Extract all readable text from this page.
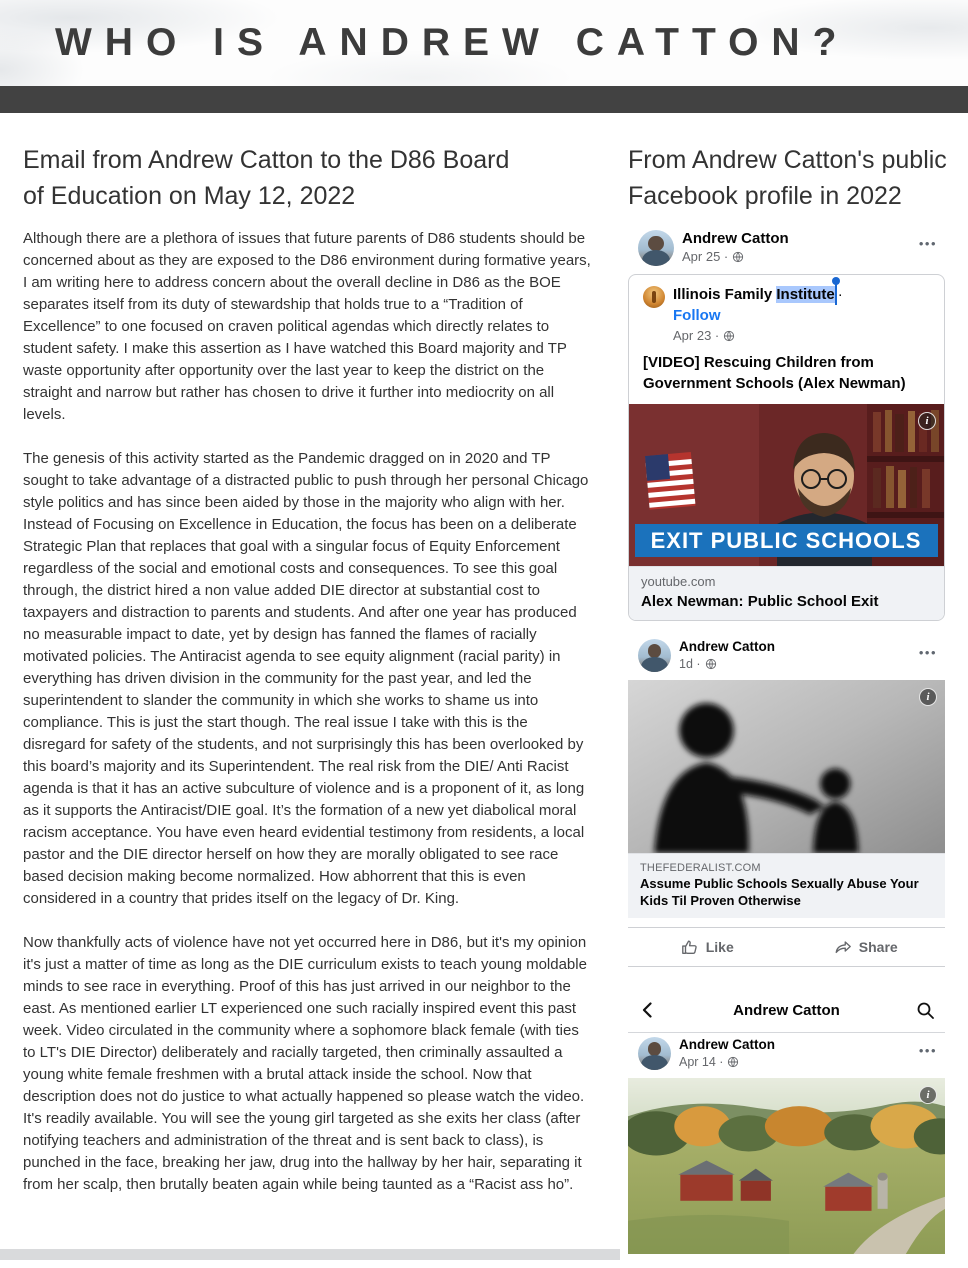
WHO IS ANDREW CATTON?
Email from Andrew Catton to the D86 Board of Education on May 12, 2022

Although there are a plethora of issues that future parents of D86 students should be concerned about as they are exposed to the D86 environment during formative years, I am writing here to address concern about the overall decline in D86 as the BOE separates itself from its duty of stewardship that holds true to a “Tradition of Excellence” to one focused on craven political agendas which directly relates to student safety. I make this assertion as I have watched this Board majority and TP waste opportunity after opportunity over the last year to keep the district on the straight and narrow but rather has chosen to drive it further into mediocrity on all levels.

The genesis of this activity started as the Pandemic dragged on in 2020 and TP sought to take advantage of a distracted public to push through her personal Chicago style politics and has since been aided by those in the majority who align with her. Instead of Focusing on Excellence in Education, the focus has been on a deliberate Strategic Plan that replaces that goal with a singular focus of Equity Enforcement regardless of the social and emotional costs and consequences. To see this goal through, the district hired a non value added DIE director at substantial cost to taxpayers and distraction to parents and students. And after one year has produced no measurable impact to date, yet by design has fanned the flames of racially motivated policies. The Antiracist agenda to see equity alignment (racial parity) in everything has driven division in the community for the past year, and led the superintendent to slander the community in which she works to shame us into compliance. This is just the start though. The real issue I take with this is the disregard for safety of the students, and not surprisingly this has been overlooked by this board’s majority and its Superintendent. The real risk from the DIE/ Anti Racist agenda is that it has an active subculture of violence and is a proponent of it, as long as it supports the Antiracist/DIE goal. It’s the formation of a new yet diabolical moral racism acceptance. You have even heard evidential testimony from residents, a local pastor and the DIE director herself on how they are morally obligated to see race based decision making become normalized. How abhorrent that this is even considered in a country that prides itself on the legacy of Dr. King.

Now thankfully acts of violence have not yet occurred here in D86, but it's my opinion it's just a matter of time as long as the DIE curriculum exists to teach young moldable minds to see race in everything. Proof of this has just arrived in our neighbor to the east. As mentioned earlier LT experienced one such racially inspired event this past week. Video circulated in the community where a sophomore black female (with ties to LT's DIE Director) deliberately and racially targeted, then criminally assaulted a young white female freshmen with a brutal attack inside the school. Now that description does not do justice to what actually happened so please watch the video. It's readily available. You will see the young girl targeted as she exits her class (after notifying teachers and administration of the threat and is sent back to class), is punched in the face, breaking her jaw, drug into the hallway by her hair, separating it from her scalp, then brutally beaten again while being taunted as a “Racist ass ho”.

From Andrew Catton's public Facebook profile in 2022
Andrew Catton
Apr 25 ·
•••
Illinois Family Institute ·
Follow
Apr 23 ·
[VIDEO] Rescuing Children from Government Schools (Alex Newman)
EXIT PUBLIC SCHOOLS
i
youtube.com
Alex Newman: Public School Exit
Andrew Catton
1d ·
•••
i
THEFEDERALIST.COM
Assume Public Schools Sexually Abuse Your Kids Til Proven Otherwise
Like	Share
Andrew Catton
Andrew Catton
Apr 14 ·
•••
i
